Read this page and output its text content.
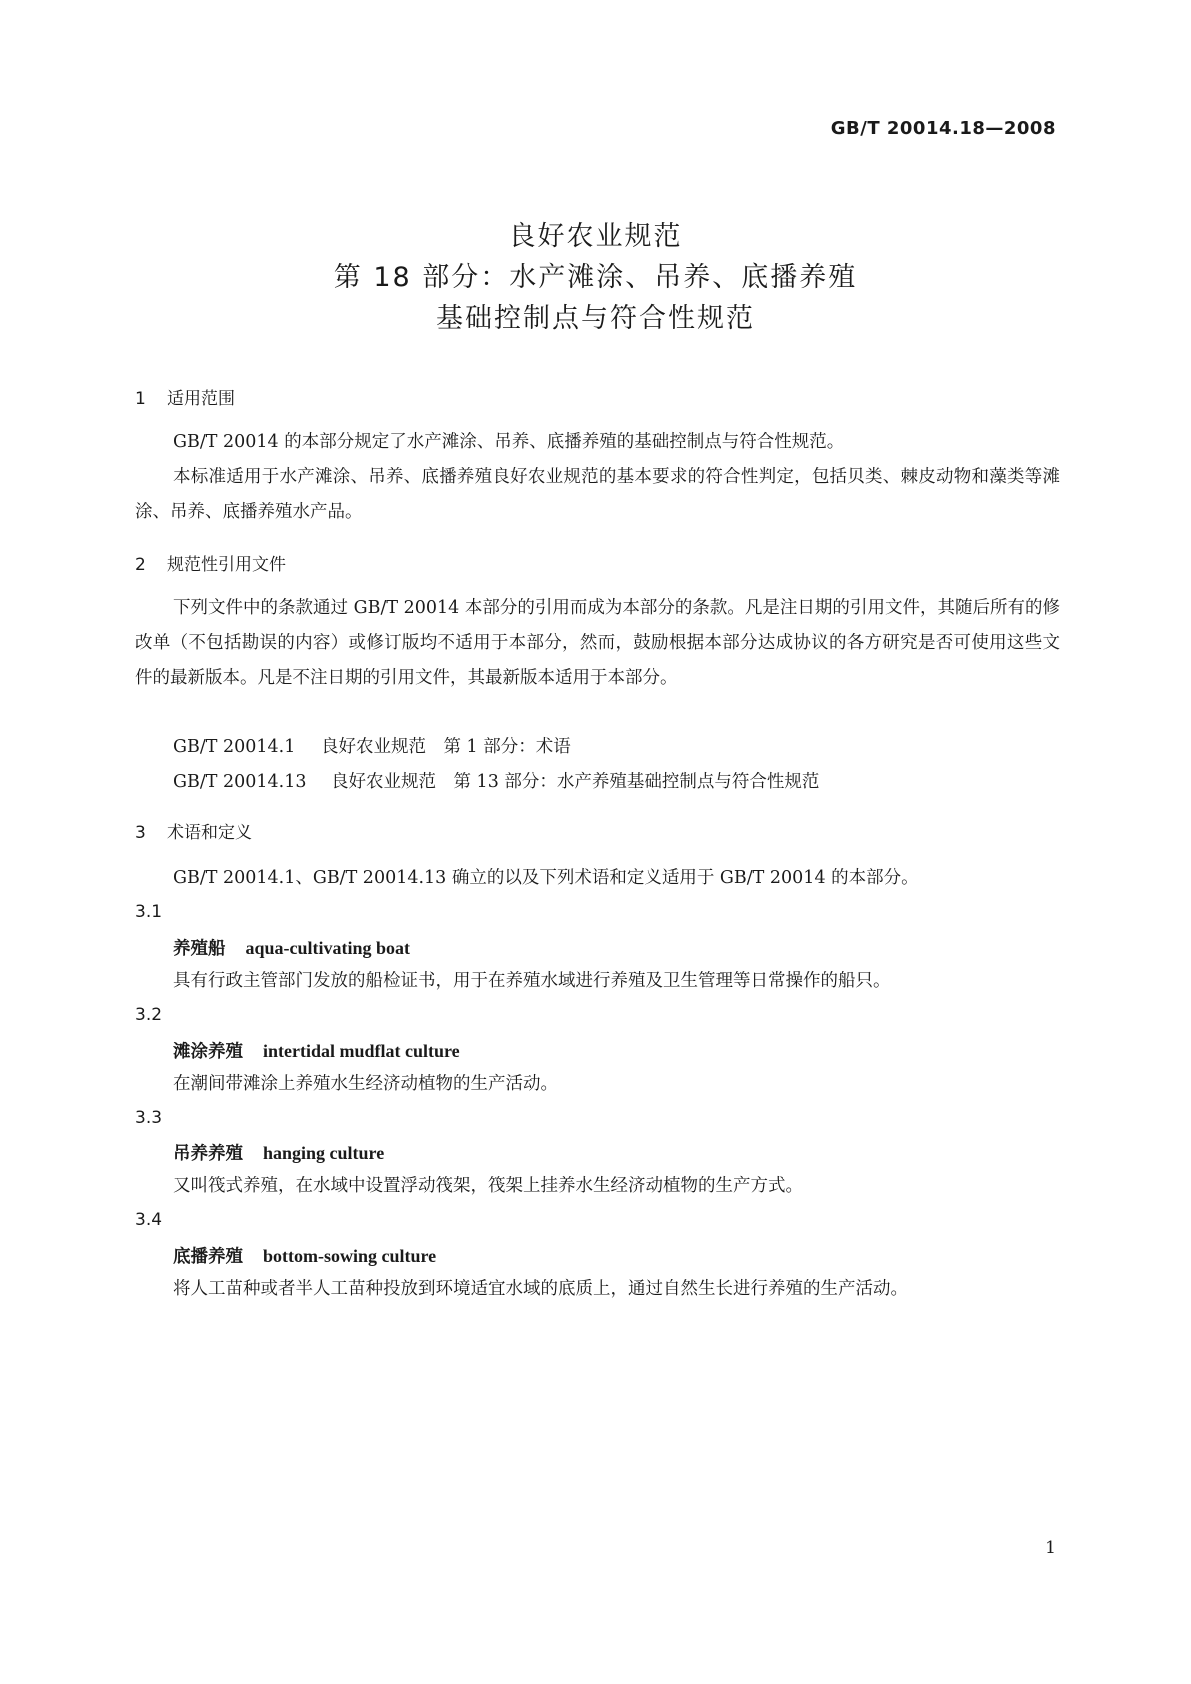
GB/T 20014.18—2008
良好农业规范
第 18 部分：水产滩涂、吊养、底播养殖
基础控制点与符合性规范
1 适用范围
GB/T 20014 的本部分规定了水产滩涂、吊养、底播养殖的基础控制点与符合性规范。
本标准适用于水产滩涂、吊养、底播养殖良好农业规范的基本要求的符合性判定，包括贝类、棘皮动物和藻类等滩涂、吊养、底播养殖水产品。
2 规范性引用文件
下列文件中的条款通过 GB/T 20014 本部分的引用而成为本部分的条款。凡是注日期的引用文件，其随后所有的修改单（不包括勘误的内容）或修订版均不适用于本部分，然而，鼓励根据本部分达成协议的各方研究是否可使用这些文件的最新版本。凡是不注日期的引用文件，其最新版本适用于本部分。
GB/T 20014.1 良好农业规范　第 1 部分：术语
GB/T 20014.13 良好农业规范　第 13 部分：水产养殖基础控制点与符合性规范
3 术语和定义
GB/T 20014.1、GB/T 20014.13 确立的以及下列术语和定义适用于 GB/T 20014 的本部分。
3.1
养殖船 aqua-cultivating boat
具有行政主管部门发放的船检证书，用于在养殖水域进行养殖及卫生管理等日常操作的船只。
3.2
滩涂养殖 intertidal mudflat culture
在潮间带滩涂上养殖水生经济动植物的生产活动。
3.3
吊养养殖 hanging culture
又叫筏式养殖，在水域中设置浮动筏架，筏架上挂养水生经济动植物的生产方式。
3.4
底播养殖 bottom-sowing culture
将人工苗种或者半人工苗种投放到环境适宜水域的底质上，通过自然生长进行养殖的生产活动。
1
